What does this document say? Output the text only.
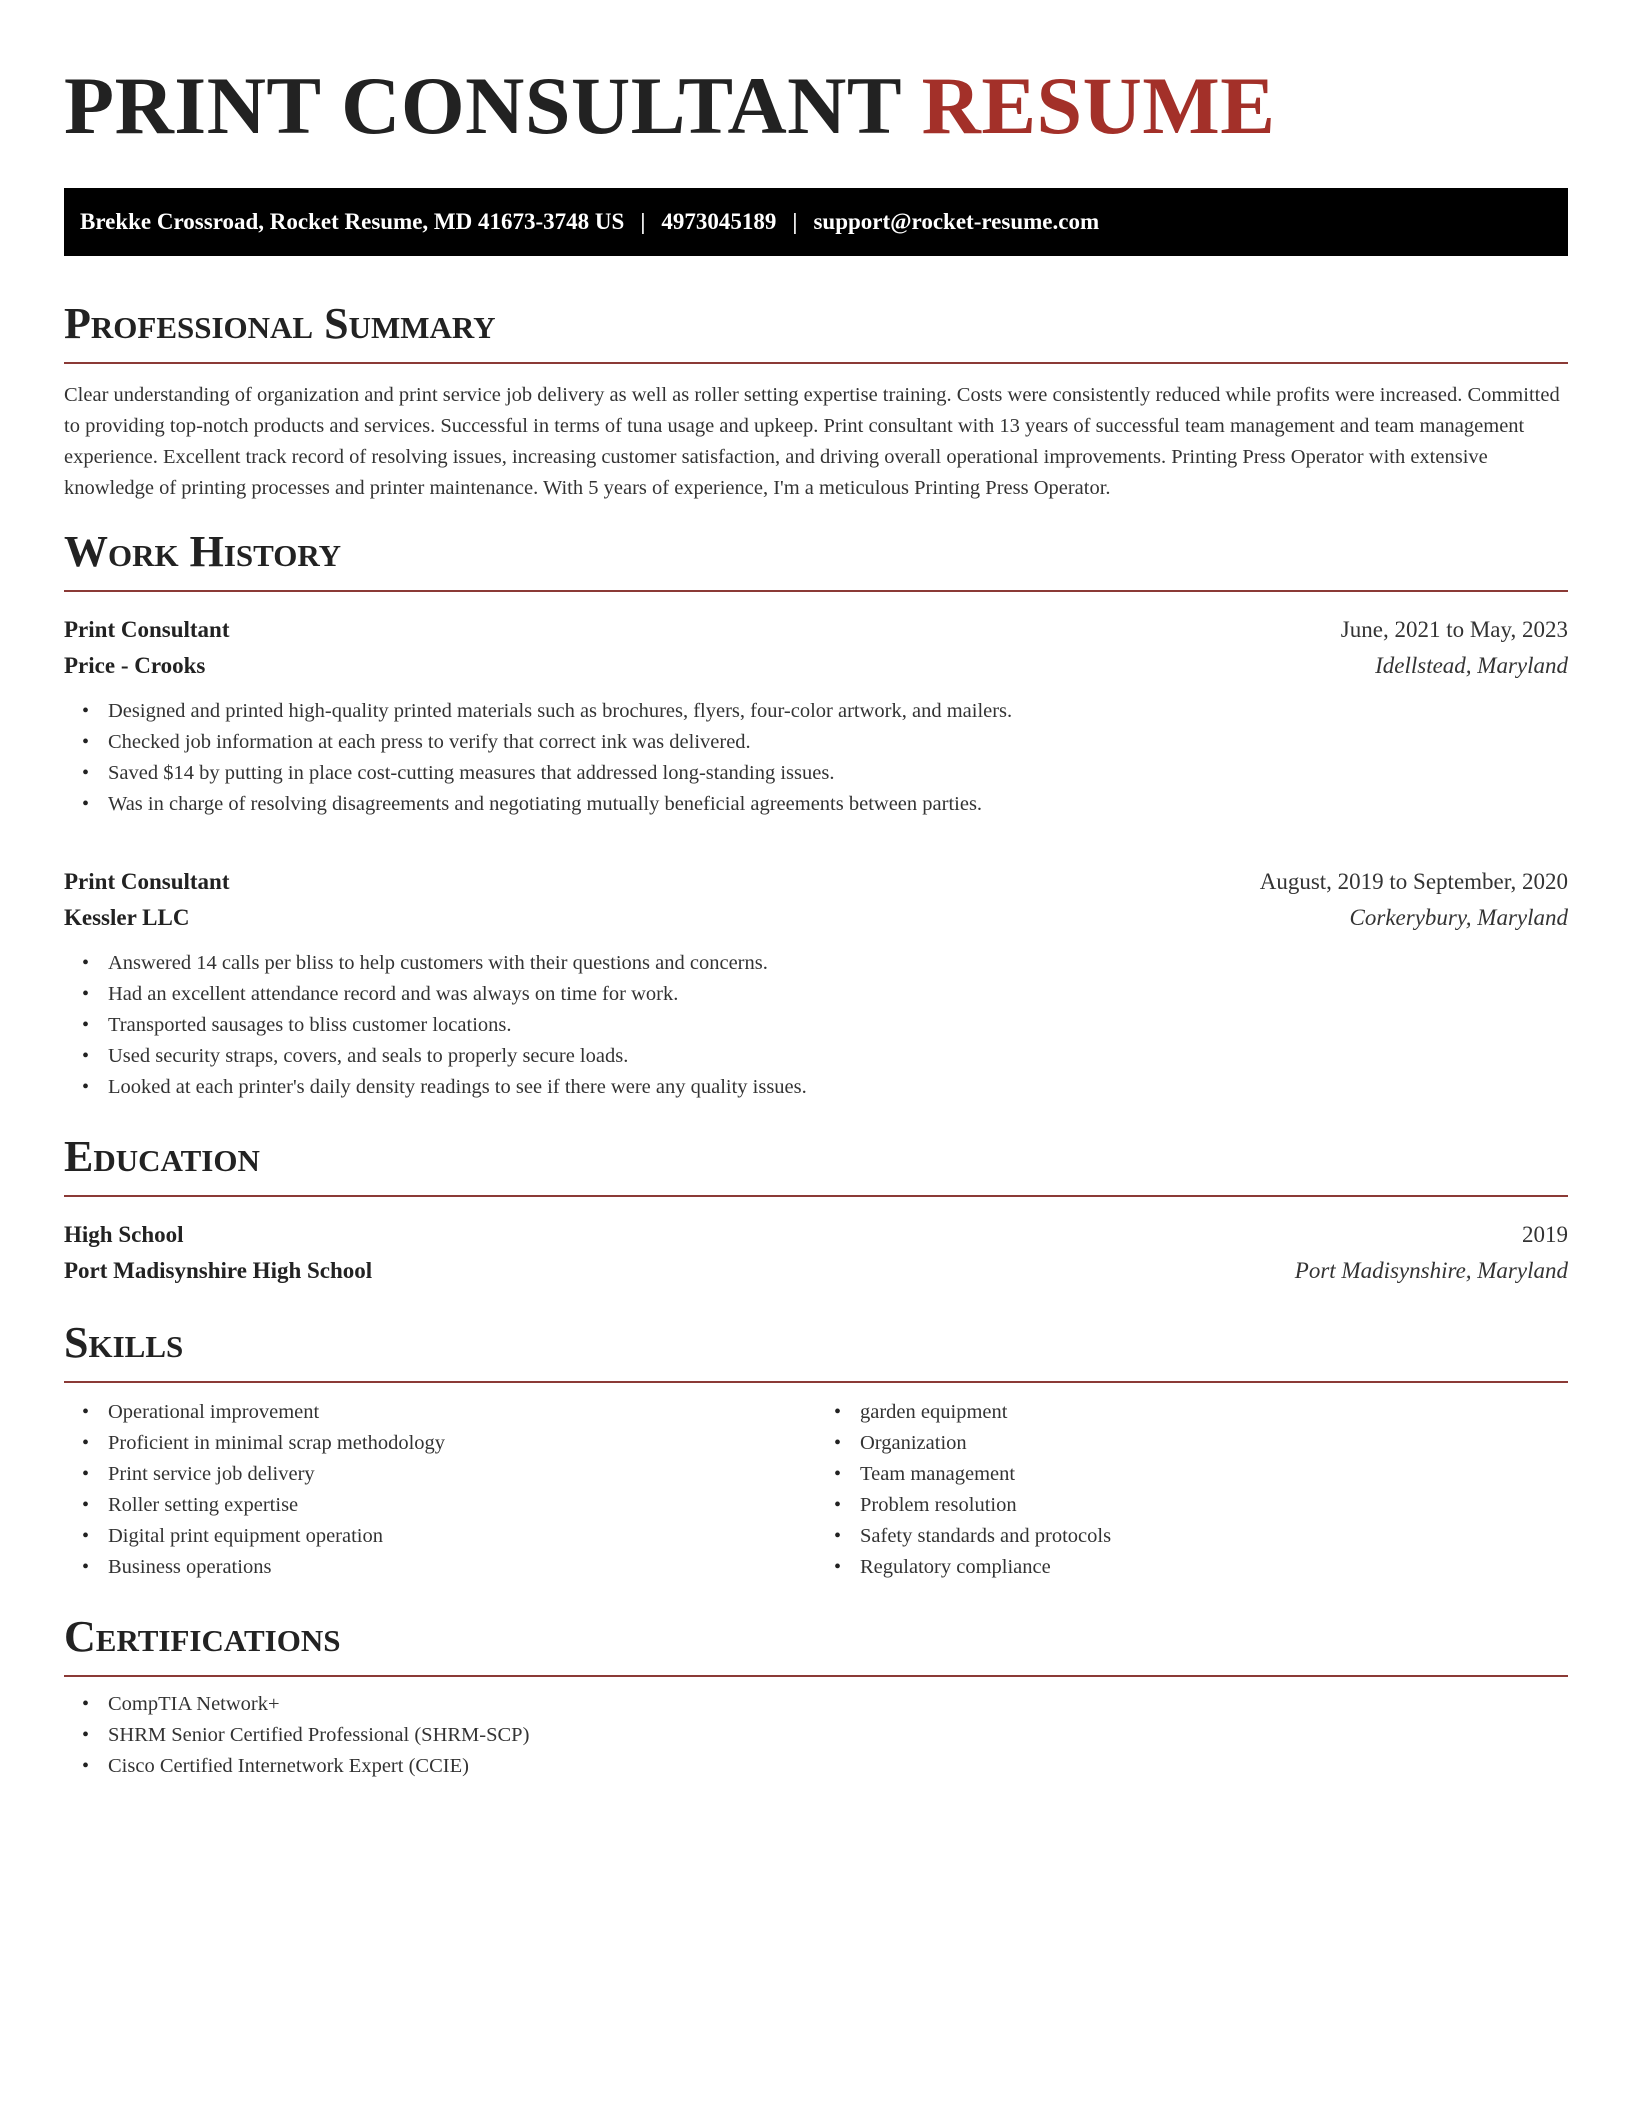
PRINT CONSULTANT RESUME
Brekke Crossroad, Rocket Resume, MD 41673-3748 US | 4973045189 | support@rocket-resume.com
Professional Summary

Clear understanding of organization and print service job delivery as well as roller setting expertise training. Costs were consistently reduced while profits were increased. Committed to providing top-notch products and services. Successful in terms of tuna usage and upkeep. Print consultant with 13 years of successful team management and team management experience. Excellent track record of resolving issues, increasing customer satisfaction, and driving overall operational improvements. Printing Press Operator with extensive knowledge of printing processes and printer maintenance. With 5 years of experience, I'm a meticulous Printing Press Operator.

Work History
Print Consultant	June, 2021 to May, 2023
Price - Crooks	Idellstead, Maryland
• Designed and printed high-quality printed materials such as brochures, flyers, four-color artwork, and mailers.
• Checked job information at each press to verify that correct ink was delivered.
• Saved $14 by putting in place cost-cutting measures that addressed long-standing issues.
• Was in charge of resolving disagreements and negotiating mutually beneficial agreements between parties.
Print Consultant	August, 2019 to September, 2020
Kessler LLC	Corkerybury, Maryland
• Answered 14 calls per bliss to help customers with their questions and concerns.
• Had an excellent attendance record and was always on time for work.
• Transported sausages to bliss customer locations.
• Used security straps, covers, and seals to properly secure loads.
• Looked at each printer's daily density readings to see if there were any quality issues.
Education
High School	2019
Port Madisynshire High School	Port Madisynshire, Maryland
Skills
• Operational improvement
• Proficient in minimal scrap methodology
• Print service job delivery
• Roller setting expertise
• Digital print equipment operation
• Business operations
• garden equipment
• Organization
• Team management
• Problem resolution
• Safety standards and protocols
• Regulatory compliance
Certifications
• CompTIA Network+
• SHRM Senior Certified Professional (SHRM-SCP)
• Cisco Certified Internetwork Expert (CCIE)
